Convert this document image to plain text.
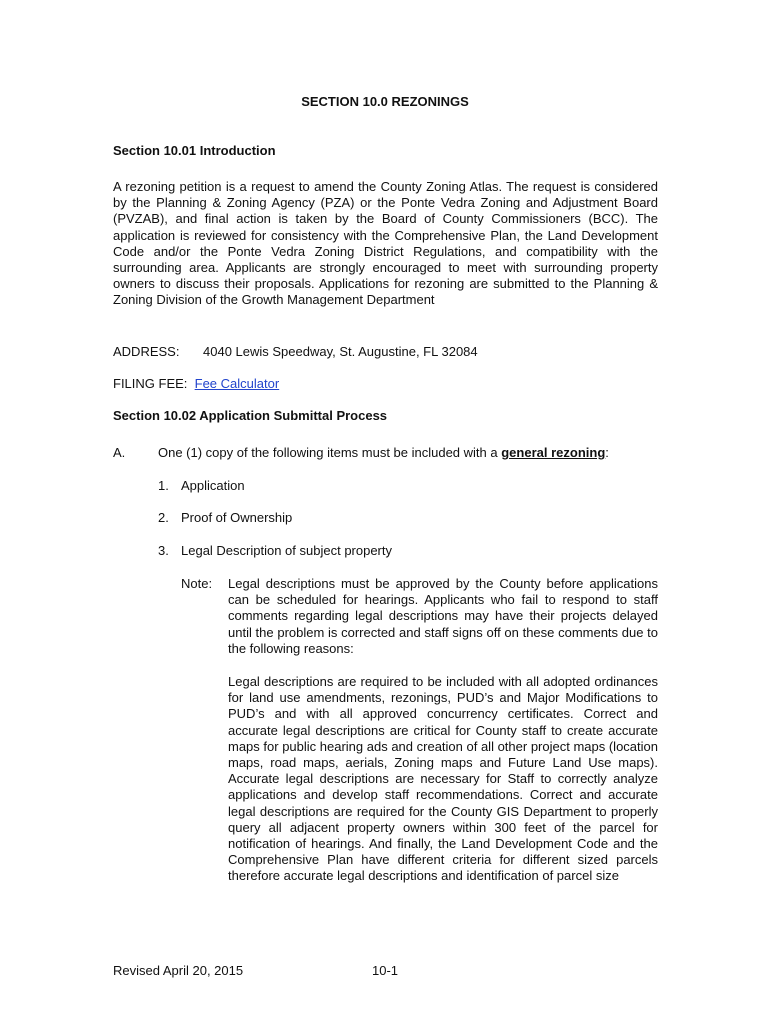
SECTION 10.0 REZONINGS
Section 10.01 Introduction
A rezoning petition is a request to amend the County Zoning Atlas. The request is considered by the Planning & Zoning Agency (PZA) or the Ponte Vedra Zoning and Adjustment Board (PVZAB), and final action is taken by the Board of County Commissioners (BCC). The application is reviewed for consistency with the Comprehensive Plan, the Land Development Code and/or the Ponte Vedra Zoning District Regulations, and compatibility with the surrounding area. Applicants are strongly encouraged to meet with surrounding property owners to discuss their proposals. Applications for rezoning are submitted to the Planning & Zoning Division of the Growth Management Department
ADDRESS: 4040 Lewis Speedway, St. Augustine, FL 32084
FILING FEE: Fee Calculator
Section 10.02 Application Submittal Process
A.	One (1) copy of the following items must be included with a general rezoning:
1. Application
2. Proof of Ownership
3. Legal Description of subject property
Note: Legal descriptions must be approved by the County before applications can be scheduled for hearings. Applicants who fail to respond to staff comments regarding legal descriptions may have their projects delayed until the problem is corrected and staff signs off on these comments due to the following reasons:
Legal descriptions are required to be included with all adopted ordinances for land use amendments, rezonings, PUD’s and Major Modifications to PUD’s and with all approved concurrency certificates. Correct and accurate legal descriptions are critical for County staff to create accurate maps for public hearing ads and creation of all other project maps (location maps, road maps, aerials, Zoning maps and Future Land Use maps). Accurate legal descriptions are necessary for Staff to correctly analyze applications and develop staff recommendations. Correct and accurate legal descriptions are required for the County GIS Department to properly query all adjacent property owners within 300 feet of the parcel for notification of hearings. And finally, the Land Development Code and the Comprehensive Plan have different criteria for different sized parcels therefore accurate legal descriptions and identification of parcel size
Revised April 20, 2015	10-1
